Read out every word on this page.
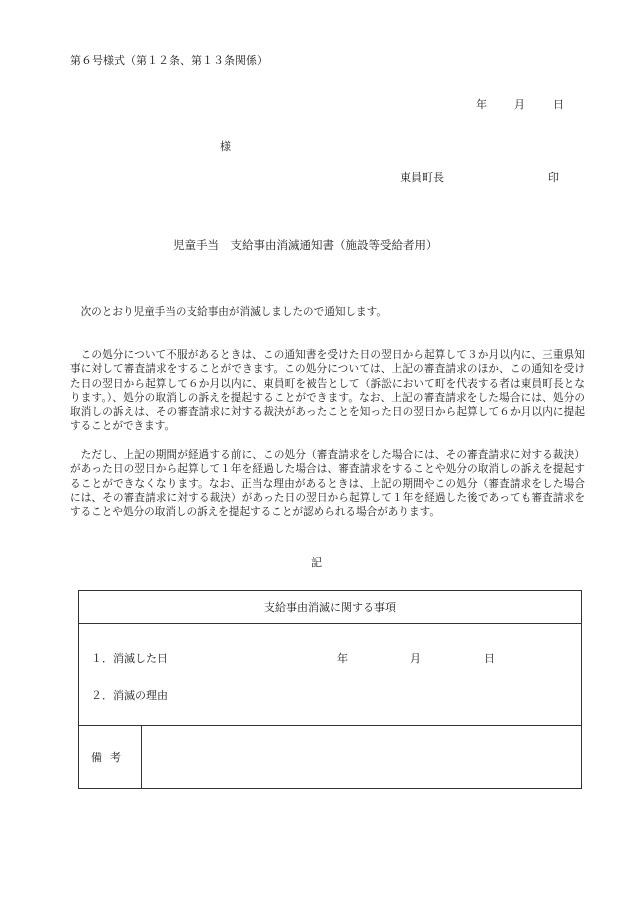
第６号様式（第１２条、第１３条関係）
年 月	日
様
東員町長	印
児童手当　支給事由消滅通知書（施設等受給者用）
次のとおり児童手当の支給事由が消滅しましたので通知します。
この処分について不服があるときは、この通知書を受けた日の翌日から起算して３か月以内に、三重県知事に対して審査請求をすることができます。この処分については、上記の審査請求のほか、この通知を受けた日の翌日から起算して６か月以内に、東員町を被告として（訴訟において町を代表する者は東員町長となります。）、処分の取消しの訴えを提起することができます。なお、上記の審査請求をした場合には、処分の取消しの訴えは、その審査請求に対する裁決があったことを知った日の翌日から起算して６か月以内に提起することができます。
ただし、上記の期間が経過する前に、この処分（審査請求をした場合には、その審査請求に対する裁決）があった日の翌日から起算して１年を経過した場合は、審査請求をすることや処分の取消しの訴えを提起することができなくなります。なお、正当な理由があるときは、上記の期間やこの処分（審査請求をした場合には、その審査請求に対する裁決）があった日の翌日から起算して１年を経過した後であっても審査請求をすることや処分の取消しの訴えを提起することが認められる場合があります。
記
支給事由消滅に関する事項

１．消滅した日	年	月	日
２．消滅の理由

備考	
